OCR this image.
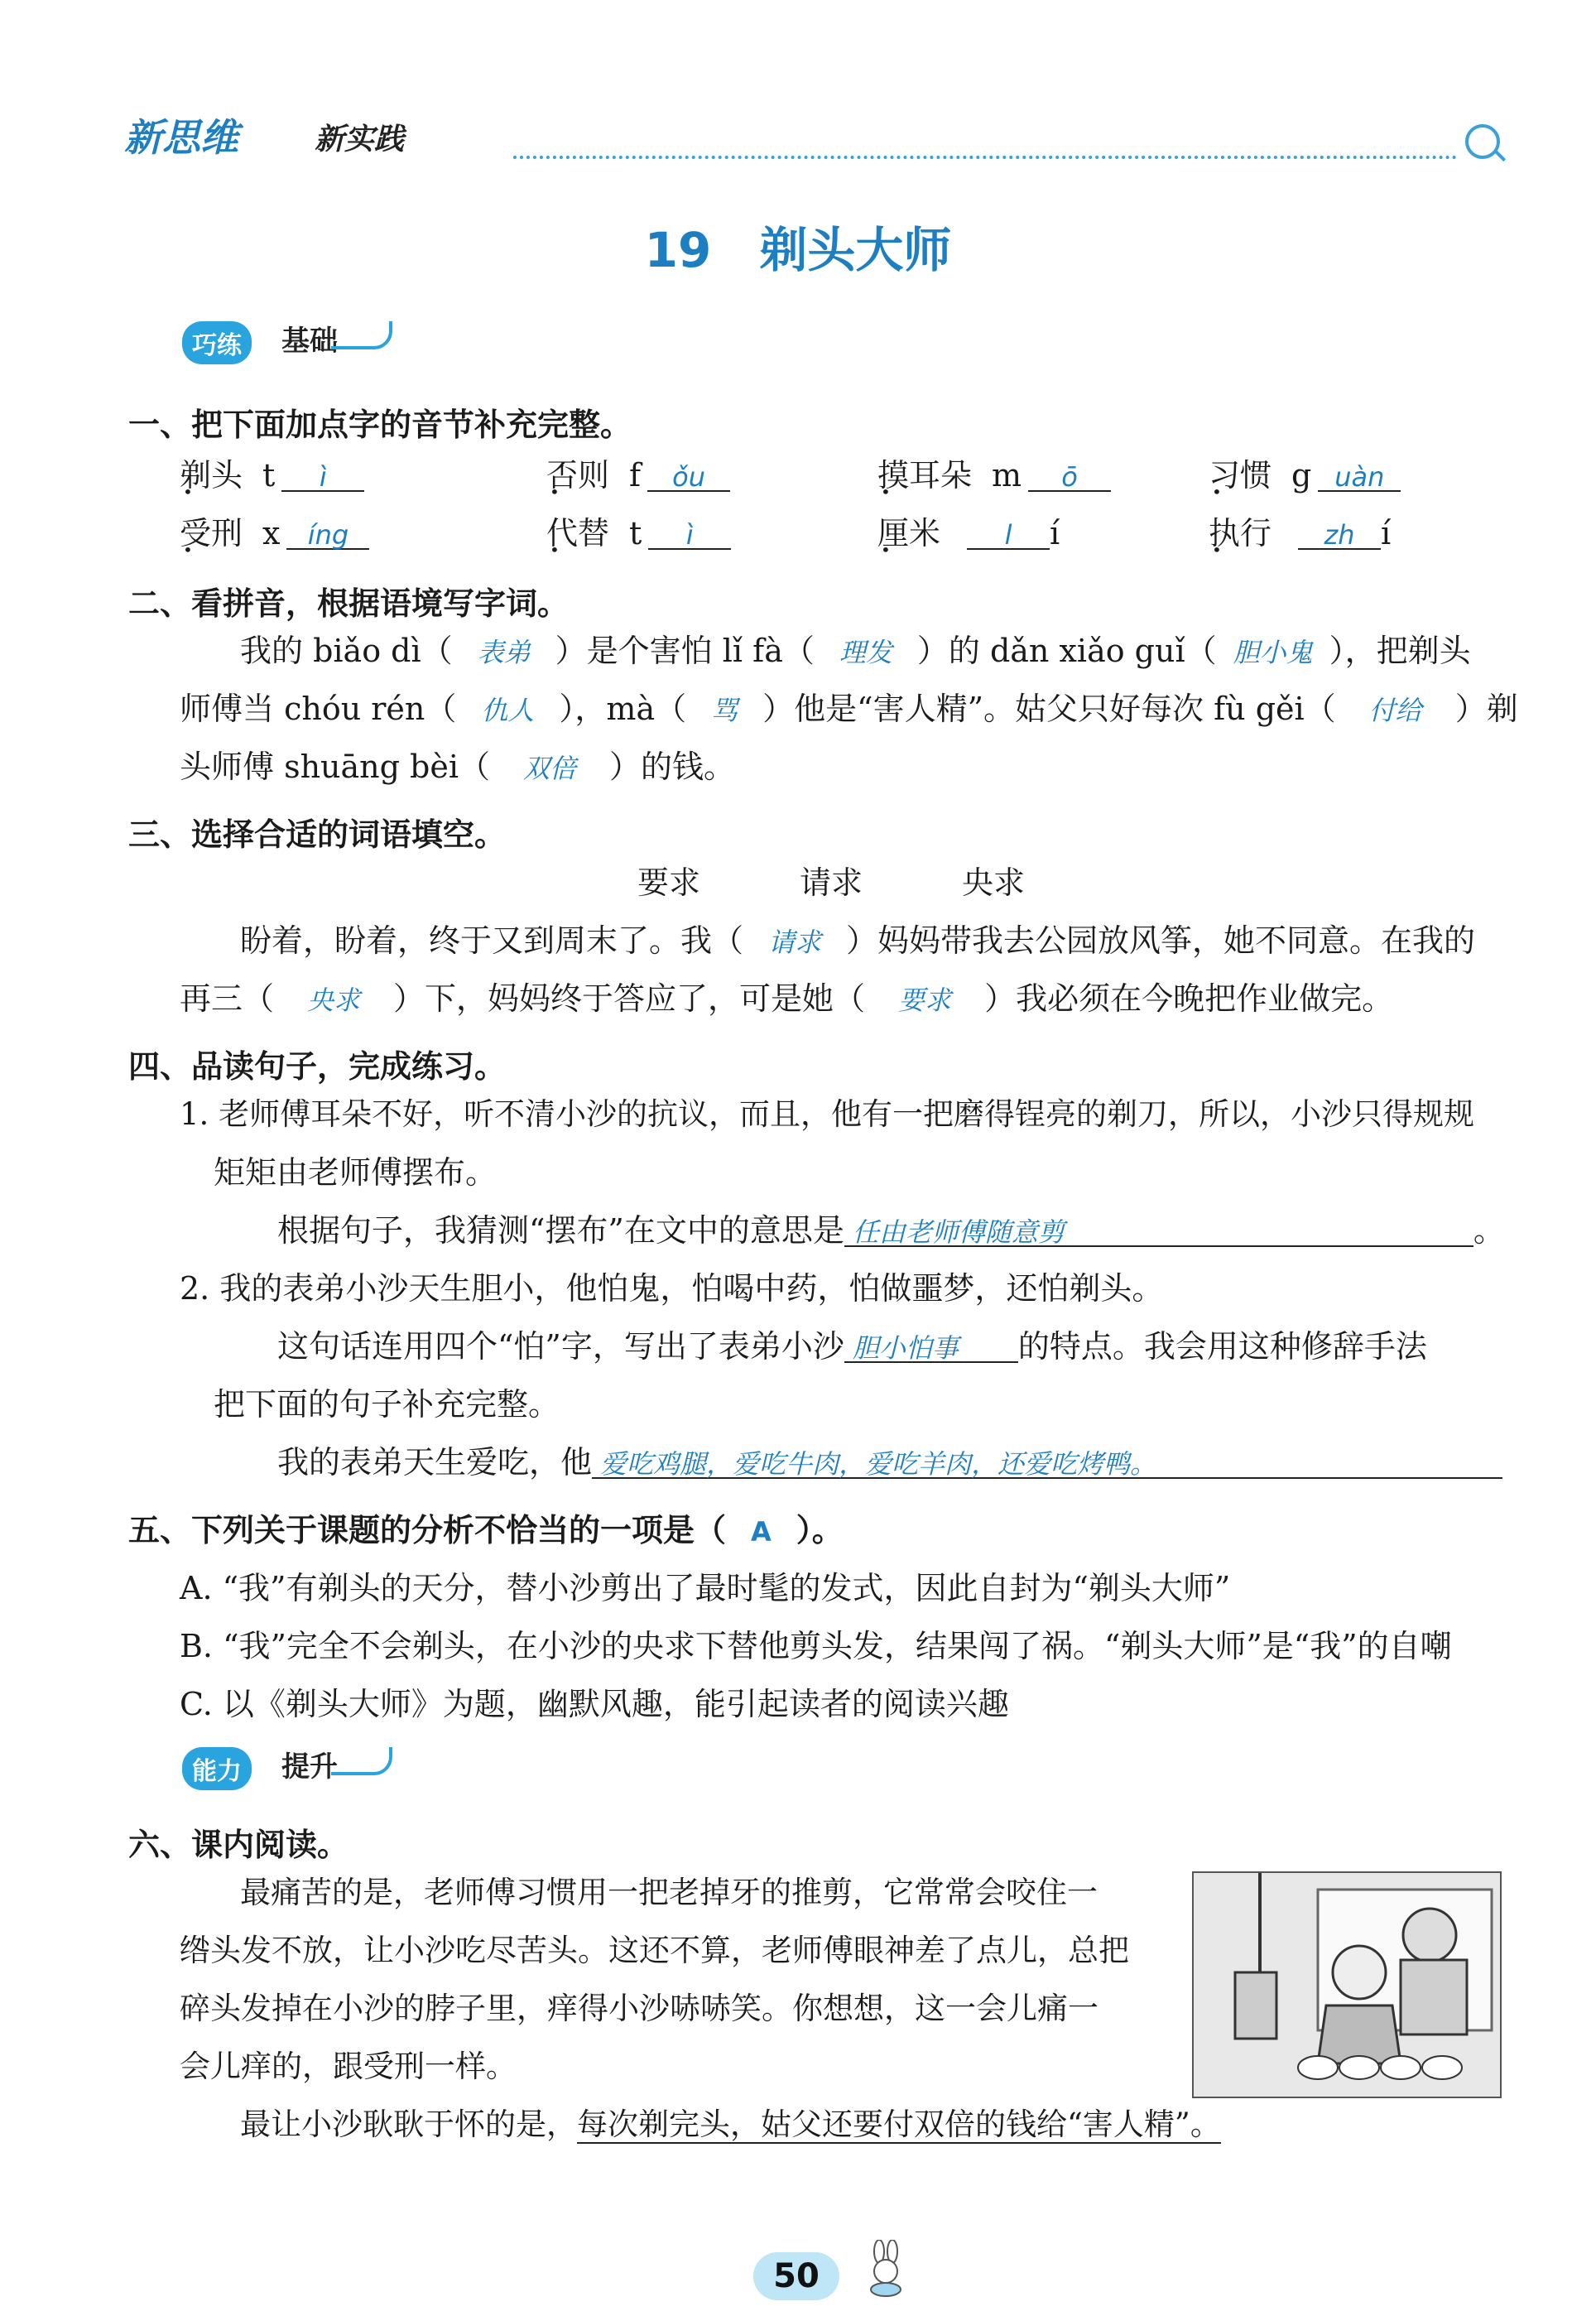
新思维	新实践
19　剃头大师
巧练	基础
一、把下面加点字的音节补充完整。
剃头 t ì	否则 f ǒu	摸耳朵 m ō	习惯 g uàn
受刑 x íng	代替 t ì	厘米 l í	执行 zh í
二、看拼音，根据语境写字词。
我的 biǎo dì（ 表弟 ）是个害怕 lǐ fà（ 理发 ）的 dǎn xiǎo guǐ（ 胆小鬼 ），把剃头
师傅当 chóu rén（ 仇人 ），mà（ 骂 ）他是“害人精”。姑父只好每次 fù gěi（ 付给 ）剃
头师傅 shuāng bèi（ 双倍 ）的钱。
三、选择合适的词语填空。
要求	请求	央求
盼着，盼着，终于又到周末了。我（ 请求 ）妈妈带我去公园放风筝，她不同意。在我的
再三（ 央求 ）下，妈妈终于答应了，可是她（ 要求 ）我必须在今晚把作业做完。
四、品读句子，完成练习。
1. 老师傅耳朵不好，听不清小沙的抗议，而且，他有一把磨得锃亮的剃刀，所以，小沙只得规规
矩矩由老师傅摆布。
根据句子，我猜测“摆布”在文中的意思是 任由老师傅随意剪	。
2. 我的表弟小沙天生胆小，他怕鬼，怕喝中药，怕做噩梦，还怕剃头。
这句话连用四个“怕”字，写出了表弟小沙 胆小怕事 的特点。我会用这种修辞手法
把下面的句子补充完整。
我的表弟天生爱吃，他 爱吃鸡腿，爱吃牛肉，爱吃羊肉，还爱吃烤鸭。
五、下列关于课题的分析不恰当的一项是（ A ）。
A. “我”有剃头的天分，替小沙剪出了最时髦的发式，因此自封为“剃头大师”
B. “我”完全不会剃头，在小沙的央求下替他剪头发，结果闯了祸。“剃头大师”是“我”的自嘲
C. 以《剃头大师》为题，幽默风趣，能引起读者的阅读兴趣
能力	提升
六、课内阅读。
最痛苦的是，老师傅习惯用一把老掉牙的推剪，它常常会咬住一
绺头发不放，让小沙吃尽苦头。这还不算，老师傅眼神差了点儿，总把
碎头发掉在小沙的脖子里，痒得小沙哧哧笑。你想想，这一会儿痛一
会儿痒的，跟受刑一样。
最让小沙耿耿于怀的是，每次剃完头，姑父还要付双倍的钱给“害人精”。
50
